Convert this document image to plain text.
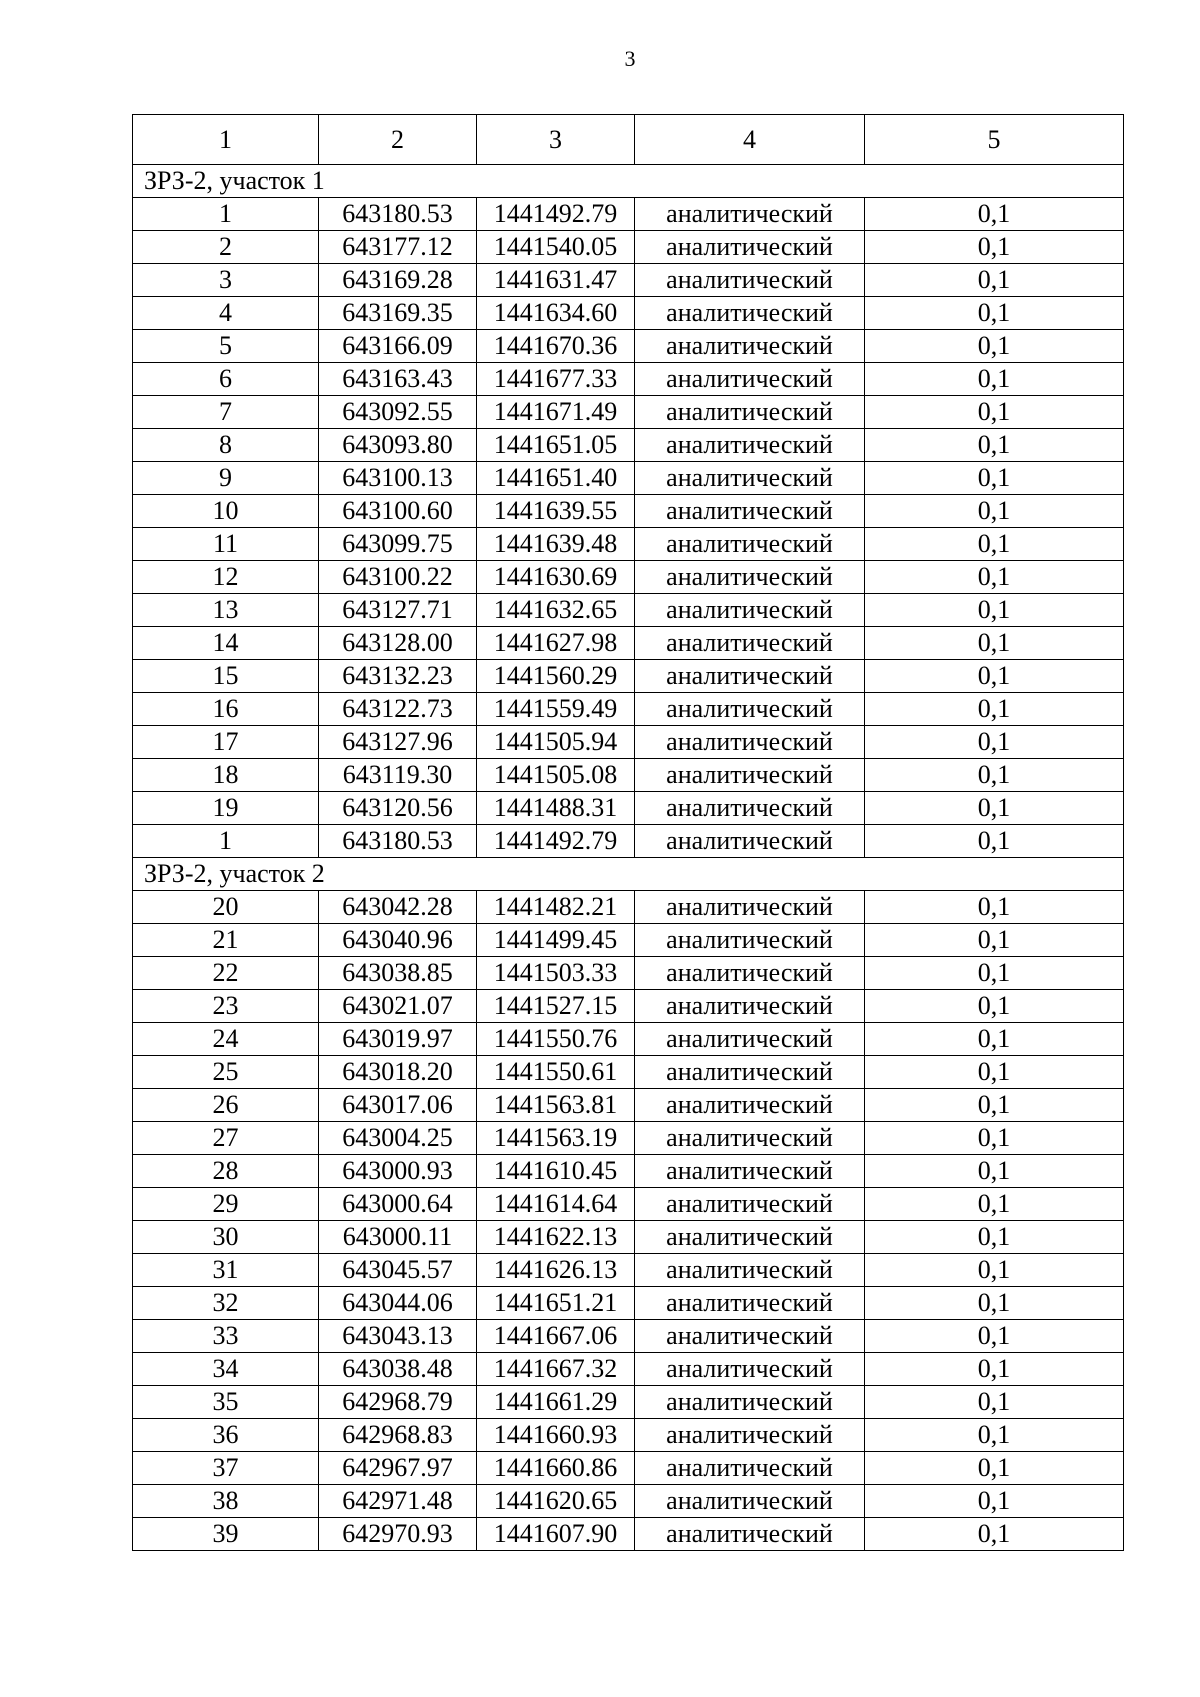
3
1	2	3	4	5
ЗРЗ-2, участок 1				
1	643180.53	1441492.79	аналитический	0,1
2	643177.12	1441540.05	аналитический	0,1
3	643169.28	1441631.47	аналитический	0,1
4	643169.35	1441634.60	аналитический	0,1
5	643166.09	1441670.36	аналитический	0,1
6	643163.43	1441677.33	аналитический	0,1
7	643092.55	1441671.49	аналитический	0,1
8	643093.80	1441651.05	аналитический	0,1
9	643100.13	1441651.40	аналитический	0,1
10	643100.60	1441639.55	аналитический	0,1
11	643099.75	1441639.48	аналитический	0,1
12	643100.22	1441630.69	аналитический	0,1
13	643127.71	1441632.65	аналитический	0,1
14	643128.00	1441627.98	аналитический	0,1
15	643132.23	1441560.29	аналитический	0,1
16	643122.73	1441559.49	аналитический	0,1
17	643127.96	1441505.94	аналитический	0,1
18	643119.30	1441505.08	аналитический	0,1
19	643120.56	1441488.31	аналитический	0,1
1	643180.53	1441492.79	аналитический	0,1
ЗРЗ-2, участок 2				
20	643042.28	1441482.21	аналитический	0,1
21	643040.96	1441499.45	аналитический	0,1
22	643038.85	1441503.33	аналитический	0,1
23	643021.07	1441527.15	аналитический	0,1
24	643019.97	1441550.76	аналитический	0,1
25	643018.20	1441550.61	аналитический	0,1
26	643017.06	1441563.81	аналитический	0,1
27	643004.25	1441563.19	аналитический	0,1
28	643000.93	1441610.45	аналитический	0,1
29	643000.64	1441614.64	аналитический	0,1
30	643000.11	1441622.13	аналитический	0,1
31	643045.57	1441626.13	аналитический	0,1
32	643044.06	1441651.21	аналитический	0,1
33	643043.13	1441667.06	аналитический	0,1
34	643038.48	1441667.32	аналитический	0,1
35	642968.79	1441661.29	аналитический	0,1
36	642968.83	1441660.93	аналитический	0,1
37	642967.97	1441660.86	аналитический	0,1
38	642971.48	1441620.65	аналитический	0,1
39	642970.93	1441607.90	аналитический	0,1
